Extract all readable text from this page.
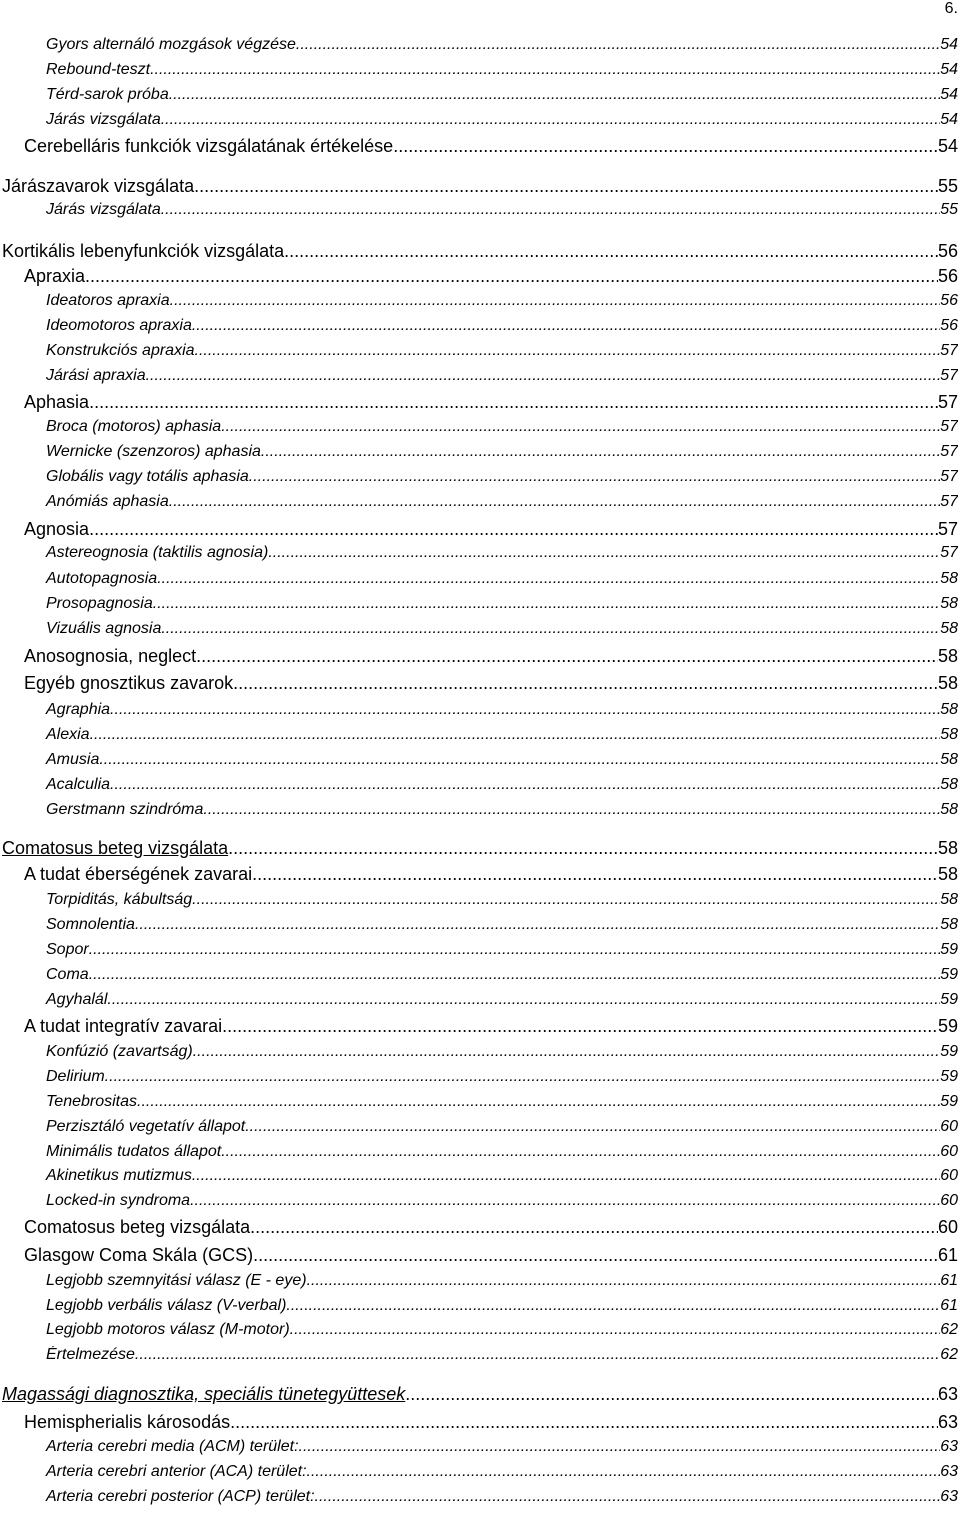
6.
Gyors alternáló mozgások végzése .....	54
Rebound-teszt .....	54
Térd-sarok próba .....	54
Járás vizsgálata .....	54
Cerebelláris funkciók vizsgálatának értékelése .....	54
Járászavarok vizsgálata .....	55
Járás vizsgálata .....	55
Kortikális lebenyfunkciók vizsgálata .....	56
Apraxia .....	56
Ideatoros apraxia .....	56
Ideomotoros apraxia .....	56
Konstrukciós apraxia .....	57
Járási apraxia .....	57
Aphasia .....	57
Broca (motoros) aphasia .....	57
Wernicke (szenzoros) aphasia .....	57
Globális vagy totális aphasia .....	57
Anómiás aphasia .....	57
Agnosia .....	57
Astereognosia (taktilis agnosia) .....	57
Autotopagnosia .....	58
Prosopagnosia .....	58
Vizuális agnosia .....	58
Anosognosia, neglect .....	58
Egyéb gnosztikus zavarok .....	58
Agraphia .....	58
Alexia .....	58
Amusia .....	58
Acalculia .....	58
Gerstmann szindróma .....	58
Comatosus beteg vizsgálata .....	58
A tudat éberségének zavarai .....	58
Torpiditás, kábultság .....	58
Somnolentia .....	58
Sopor .....	59
Coma .....	59
Agyhalál .....	59
A tudat integratív zavarai .....	59
Konfúzió (zavartság) .....	59
Delirium .....	59
Tenebrositas .....	59
Perzisztáló vegetatív állapot .....	60
Minimális tudatos állapot .....	60
Akinetikus mutizmus .....	60
Locked-in syndroma .....	60
Comatosus beteg vizsgálata .....	60
Glasgow Coma Skála (GCS) .....	61
Legjobb szemnyitási válasz (E - eye) .....	61
Legjobb verbális válasz (V-verbal) .....	61
Legjobb motoros válasz (M-motor) .....	62
Értelmezése .....	62
Magassági diagnosztika, speciális tünetegyüttesek .....	63
Hemispherialis károsodás .....	63
Arteria cerebri media (ACM) terület: .....	63
Arteria cerebri anterior (ACA) terület: .....	63
Arteria cerebri posterior (ACP) terület: .....	63
